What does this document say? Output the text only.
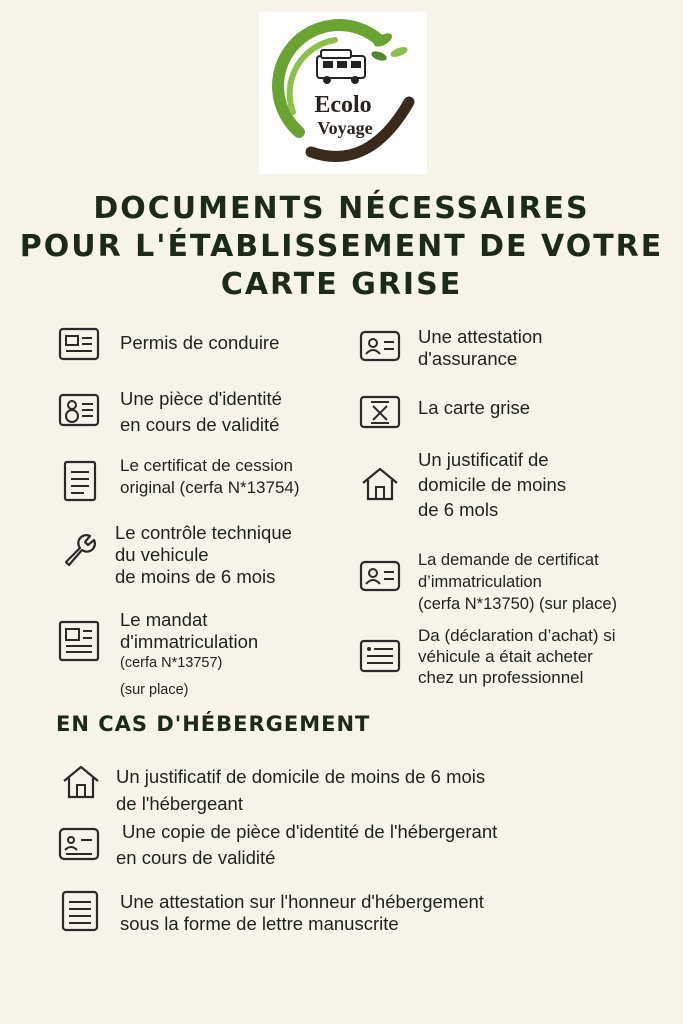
Ecolo
Voyage
DOCUMENTS NÉCESSAIRES
POUR L'ÉTABLISSEMENT DE VOTRE
CARTE GRISE
Permis de conduire
Une pièce d'identité
en cours de validité
Le certificat de cession
original (cerfa N*13754)
Le contrôle technique
du vehicule
de moins de 6 mois
Le mandat
d'immatriculation
(cerfa N*13757)
(sur place)
Une attestation
d'assurance
La carte grise
Un justificatif de
domicile de moins
de 6 mols
La demande de certificat
d’immatriculation
(cerfa N*13750) (sur place)
Da (déclaration d’achat) si
véhicule a était acheter
chez un professionnel
EN CAS D'HÉBERGEMENT
Un justificatif de domicile de moins de 6 mois
de l'hébergeant
Une copie de pièce d'identité de l'hébergerant
en cours de validité
Une attestation sur l'honneur d'hébergement
sous la forme de lettre manuscrite
